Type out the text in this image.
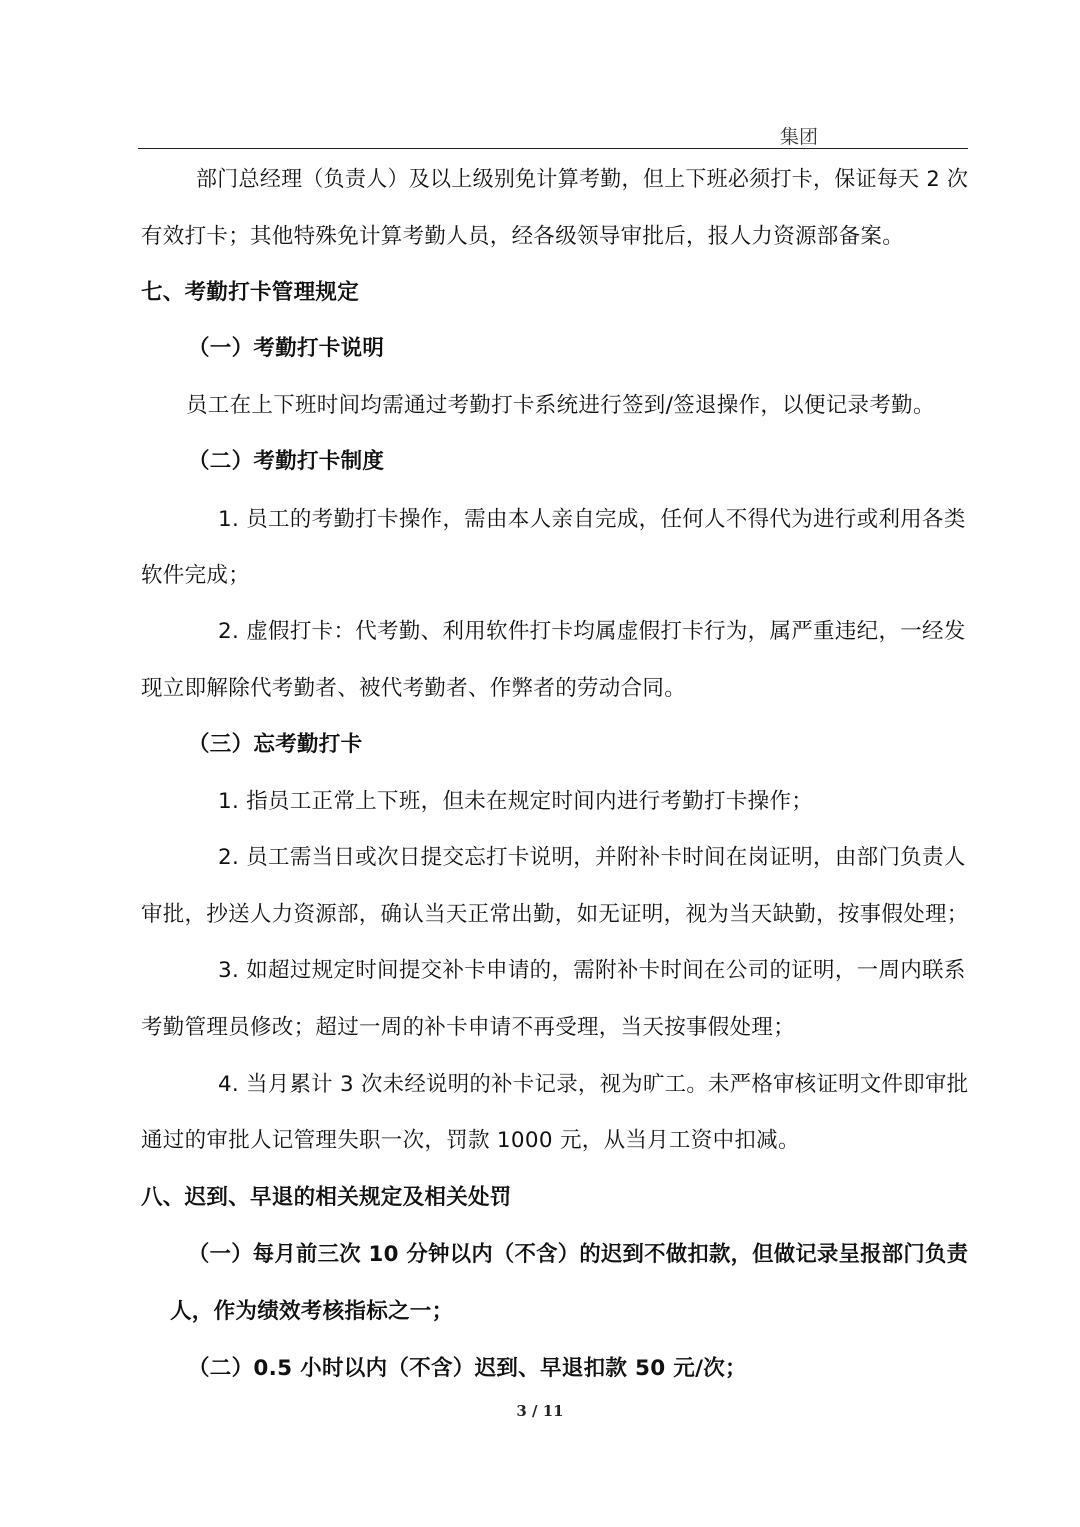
集团
部门总经理（负责人）及以上级别免计算考勤，但上下班必须打卡，保证每天 2 次
有效打卡；其他特殊免计算考勤人员，经各级领导审批后，报人力资源部备案。
七、考勤打卡管理规定
（一）考勤打卡说明
员工在上下班时间均需通过考勤打卡系统进行签到/签退操作，以便记录考勤。
（二）考勤打卡制度
1. 员工的考勤打卡操作，需由本人亲自完成，任何人不得代为进行或利用各类
软件完成；
2. 虚假打卡：代考勤、利用软件打卡均属虚假打卡行为，属严重违纪，一经发
现立即解除代考勤者、被代考勤者、作弊者的劳动合同。
（三）忘考勤打卡
1. 指员工正常上下班，但未在规定时间内进行考勤打卡操作；
2. 员工需当日或次日提交忘打卡说明，并附补卡时间在岗证明，由部门负责人
审批，抄送人力资源部，确认当天正常出勤，如无证明，视为当天缺勤，按事假处理；
3. 如超过规定时间提交补卡申请的，需附补卡时间在公司的证明，一周内联系
考勤管理员修改；超过一周的补卡申请不再受理，当天按事假处理；
4. 当月累计 3 次未经说明的补卡记录，视为旷工。未严格审核证明文件即审批
通过的审批人记管理失职一次，罚款 1000 元，从当月工资中扣减。
八、迟到、早退的相关规定及相关处罚
（一）每月前三次 10 分钟以内（不含）的迟到不做扣款，但做记录呈报部门负责
人，作为绩效考核指标之一；
（二）0.5 小时以内（不含）迟到、早退扣款 50 元/次；
3 / 11
